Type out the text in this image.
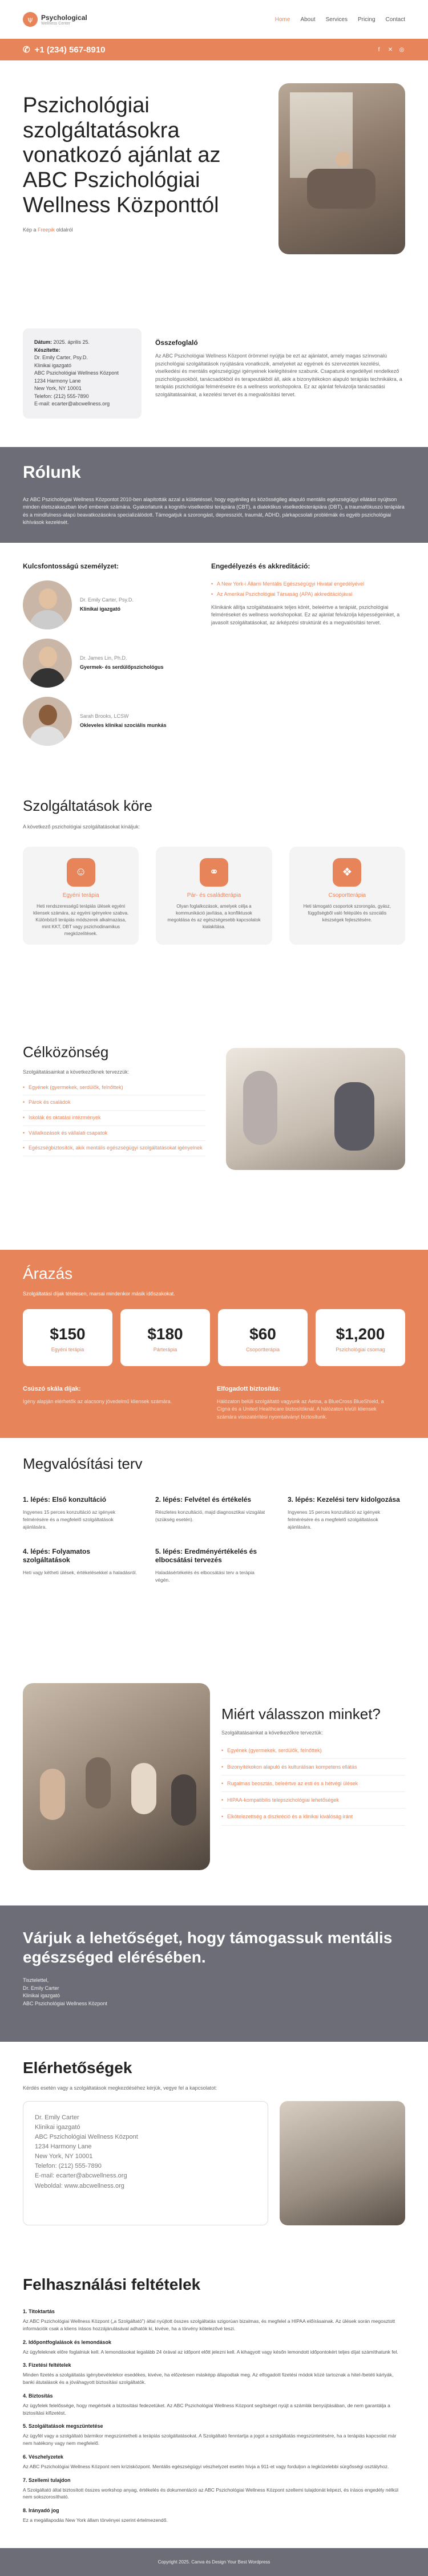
ψ	Psychological
Wellness Center
Home About Services Pricing Contact
✆ +1 (234) 567-8910	f	✕ ◎
Pszichológiai szolgáltatásokra vonatkozó ajánlat az ABC Pszichológiai Wellness Központtól
Kép a Freepik oldalról
Dátum: 2025. április 25.
Készítette:
Dr. Emily Carter, Psy.D.
Klinikai igazgató
ABC Pszichológiai Wellness Központ
1234 Harmony Lane
New York, NY 10001
Telefon: (212) 555-7890
E-mail: ecarter@abcwellness.org
Összefoglaló

Az ABC Pszichológiai Wellness Központ örömmel nyújtja be ezt az ajánlatot, amely magas színvonalú pszichológiai szolgáltatások nyújtására vonatkozik, amelyeket az egyének és szervezetek kezelési, viselkedési és mentális egészségügyi igényeinek kielégítésére szabunk. Csapatunk engedéllyel rendelkező pszichológusokból, tanácsadókból és terapeutákból áll, akik a bizonyítékokon alapuló terápiás technikákra, a terápiás pszichológiai felmérésekre és a wellness workshopokra. Ez az ajánlat felvázolja tanácsadási szolgáltatásainkat, a kezelési tervet és a megvalósítási tervet.

Rólunk

Az ABC Pszichológiai Wellness Központot 2010-ben alapították azzal a küldetéssel, hogy egyénileg és közösségileg alapuló mentális egészségügyi ellátást nyújtson minden életszakaszban lévő emberek számára. Gyakorlatunk a kognitív-viselkedési terápiára (CBT), a dialektikus viselkedésterápiára (DBT), a traumafókuszú terápiára és a mindfulness-alapú beavatkozásokra specializálódott. Támogatjuk a szorongást, depressziót, traumát, ADHD, párkapcsolati problémák és egyéb pszichológiai kihívások kezelését.

Kulcsfontosságú személyzet:
Dr. Emily Carter, Psy.D.
Klinikai igazgató
Dr. James Lin, Ph.D.
Gyermek- és serdülőpszichológus
Sarah Brooks, LCSW
Okleveles klinikai szociális munkás
Engedélyezés és akkreditáció:
• A New York-i Állami Mentális Egészségügyi Hivatal engedélyével
• Az Amerikai Pszichológiai Társaság (APA) akkreditációjával

Klinikánk állítja szolgáltatásaink teljes körét, beleértve a terápiát, pszichológiai felméréseket és wellness workshopokat. Ez az ajánlat felvázolja képességeinket, a javasolt szolgáltatásokat, az árképzési struktúrát és a megvalósítási tervet.

Szolgáltatások köre
A következő pszichológiai szolgáltatásokat kínáljuk:
☺
Egyéni terápia

Heti rendszerességű terápiás ülések egyéni kliensek számára, az egyéni igényekre szabva. Különböző terápiás módszerek alkalmazása, mint KKT, DBT vagy pszichodinamikus megközelítések.

⚭
Pár- és családterápia

Olyan foglalkozások, amelyek célja a kommunikáció javítása, a konfliktusok megoldása és az egészségesebb kapcsolatok kialakítása.

❖
Csoportterápia

Heti támogató csoportok szorongás, gyász, függőségből való felépülés és szociális készségek fejlesztésére.

Célközönség
Szolgáltatásainkat a következőknek tervezzük:
• Egyének (gyermekek, serdülők, felnőttek)
• Párok és családok
• Iskolák és oktatási intézmények
• Vállalkozások és vállalati csapatok
• Egészségbiztosítók, akik mentális egészségügyi szolgáltatásokat igényelnek
Árazás
Szolgáltatási díjak tételesen, marsai mindenkor másik időszakokat.
$150
Egyéni terápia
$180
Párterápia
$60
Csoportterápia
$1,200
Pszichológiai csomag
Csúszó skála díjak:

Igény alapján elérhetők az alacsony jövedelmű kliensek számára.

Elfogadott biztosítás:

Hálózaton belüli szolgáltató vagyunk az Aetna, a BlueCross BlueShield, a Cigna és a United Healthcare biztosítóknál. A hálózaton kívüli kliensek számára visszatérítési nyomtatványt biztosítunk.

Megvalósítási terv
1. lépés: Első konzultáció

Ingyenes 15 perces konzultáció az igények felmérésére és a megfelelő szolgáltatások ajánlására.

2. lépés: Felvétel és értékelés

Részletes konzultáció, majd diagnosztikai vizsgálat (szükség esetén).

3. lépés: Kezelési terv kidolgozása

Ingyenes 15 perces konzultáció az igények felmérésére és a megfelelő szolgáltatások ajánlására.

4. lépés: Folyamatos szolgáltatások

Heti vagy kétheti ülések, értékelésekkel a haladásról.

5. lépés: Eredményértékelés és elbocsátási tervezés

Haladásértékelés és elbocsátási terv a terápia végén.

Miért válasszon minket?
Szolgáltatásainkat a következőkre terveztük:
• Egyének (gyermekek, serdülők, felnőttek)
• Bizonyítékokon alapuló és kulturálisan kompetens ellátás
• Rugalmas beosztás, beleértve az esti és a hétvégi ülések
• HIPAA-kompatibilis telepszichológiai lehetőségek
• Elkötelezettség a diszkréció és a klinikai kiválóság iránt
Várjuk a lehetőséget, hogy támogassuk mentális egészséged elérésében.

Tisztelettel,

Dr. Emily Carter

Klinikai igazgató

ABC Pszichológiai Wellness Központ

Elérhetőségek
Kérdés esetén vagy a szolgáltatások megkezdéséhez kérjük, vegye fel a kapcsolatot:
Dr. Emily Carter
Klinikai igazgató
ABC Pszichológiai Wellness Központ
1234 Harmony Lane
New York, NY 10001
Telefon: (212) 555-7890
E-mail: ecarter@abcwellness.org
Weboldal: www.abcwellness.org
Felhasználási feltételek
1. Titoktartás

Az ABC Pszichológiai Wellness Központ („a Szolgáltató”) által nyújtott összes szolgáltatás szigorúan bizalmas, és megfelel a HIPAA előírásainak. Az ülések során megosztott információk csak a kliens írásos hozzájárulásával adhatók ki, kivéve, ha a törvény kötelezővé teszi.

2. Időpontfoglalások és lemondások

Az ügyfeleknek előre foglalniuk kell. A lemondásokat legalább 24 órával az időpont előtt jelezni kell. A kihagyott vagy későn lemondott időpontokért teljes díjat számíthatunk fel.

3. Fizetési feltételek

Minden fizetés a szolgáltatás igénybevételekor esedékes, kivéve, ha előzetesen másképp állapodtak meg. Az elfogadott fizetési módok közé tartoznak a hitel-/betéti kártyák, banki átutalások és a jóváhagyott biztosítási szolgáltatók.

4. Biztosítás

Az ügyfelek felelőssége, hogy megértsék a biztosítási fedezetüket. Az ABC Pszichológiai Wellness Központ segítséget nyújt a számlák benyújtásában, de nem garantálja a biztosítási kifizetést.

5. Szolgáltatások megszüntetése

Az ügyfél vagy a szolgáltató bármikor megszüntetheti a terápiás szolgáltatásokat. A Szolgáltató fenntartja a jogot a szolgáltatás megszüntetésére, ha a terápiás kapcsolat már nem hatékony vagy nem megfelelő.

6. Vészhelyzetek

Az ABC Pszichológiai Wellness Központ nem krízisközpont. Mentális egészségügyi vészhelyzet esetén hívja a 911-et vagy forduljon a legközelebbi sürgősségi osztályhoz.

7. Szellemi tulajdon

A Szolgáltató által biztosított összes workshop anyag, értékelés és dokumentáció az ABC Pszichológiai Wellness Központ szellemi tulajdonát képezi, és írásos engedély nélkül nem sokszorosítható.

8. Irányadó jog

Ez a megállapodás New York állam törvényei szerint értelmezendő.

Copyright 2025. Canva és Design Your Best Wordpress
